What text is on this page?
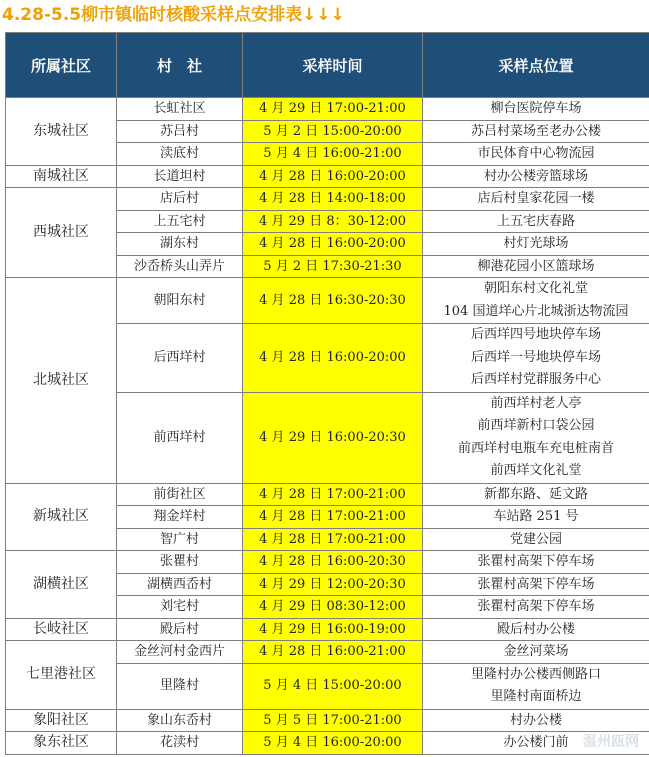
4.28-5.5柳市镇临时核酸采样点安排表↓↓↓
所属社区	村　社	采样时间	采样点位置
东城社区	长虹社区	4 月 29 日 17:00-21:00	柳台医院停车场
	苏吕村	5 月 2 日 15:00-20:00	苏吕村菜场至老办公楼
	渎底村	5 月 4 日 16:00-21:00	市民体育中心物流园
南城社区	长道坦村	4 月 28 日 16:00-20:00	村办公楼旁篮球场
西城社区	店后村	4 月 28 日 14:00-18:00	店后村皇家花园一楼
	上五宅村	4 月 29 日 8：30-12:00	上五宅庆春路
	湖东村	4 月 28 日 16:00-20:00	村灯光球场
	沙岙桥头山弄片	5 月 2 日 17:30-21:30	柳港花园小区篮球场
北城社区	朝阳东村	4 月 28 日 16:30-20:30	朝阳东村文化礼堂
104 国道垟心片北城浙达物流园

	后西垟村	4 月 28 日 16:00-20:00	后西垟四号地块停车场
后西垟一号地块停车场
后西垟村党群服务中心

	前西垟村	4 月 29 日 16:00-20:30	前西垟村老人亭
前西垟新村口袋公园
前西垟村电瓶车充电桩南首
前西垟文化礼堂

新城社区	前街社区	4 月 28 日 17:00-21:00	新都东路、延文路
	翔金垟村	4 月 28 日 17:00-21:00	车站路 251 号
	智广村	4 月 28 日 17:00-21:00	党建公园
湖横社区	张瞿村	4 月 28 日 16:00-20:30	张瞿村高架下停车场
	湖横西岙村	4 月 29 日 12:00-20:30	张瞿村高架下停车场
	刘宅村	4 月 29 日 08:30-12:00	张瞿村高架下停车场
长岐社区	殿后村	4 月 29 日 16:00-19:00	殿后村办公楼
七里港社区	金丝河村金西片	4 月 28 日 16:00-21:00	金丝河菜场
	里隆村	5 月 4 日 15:00-20:00	里隆村办公楼西侧路口
里隆村南面桥边

象阳社区	象山东岙村	5 月 5 日 17:00-21:00	村办公楼
象东社区	花渎村	5 月 4 日 16:00-20:00	办公楼门前 温州瓯网
